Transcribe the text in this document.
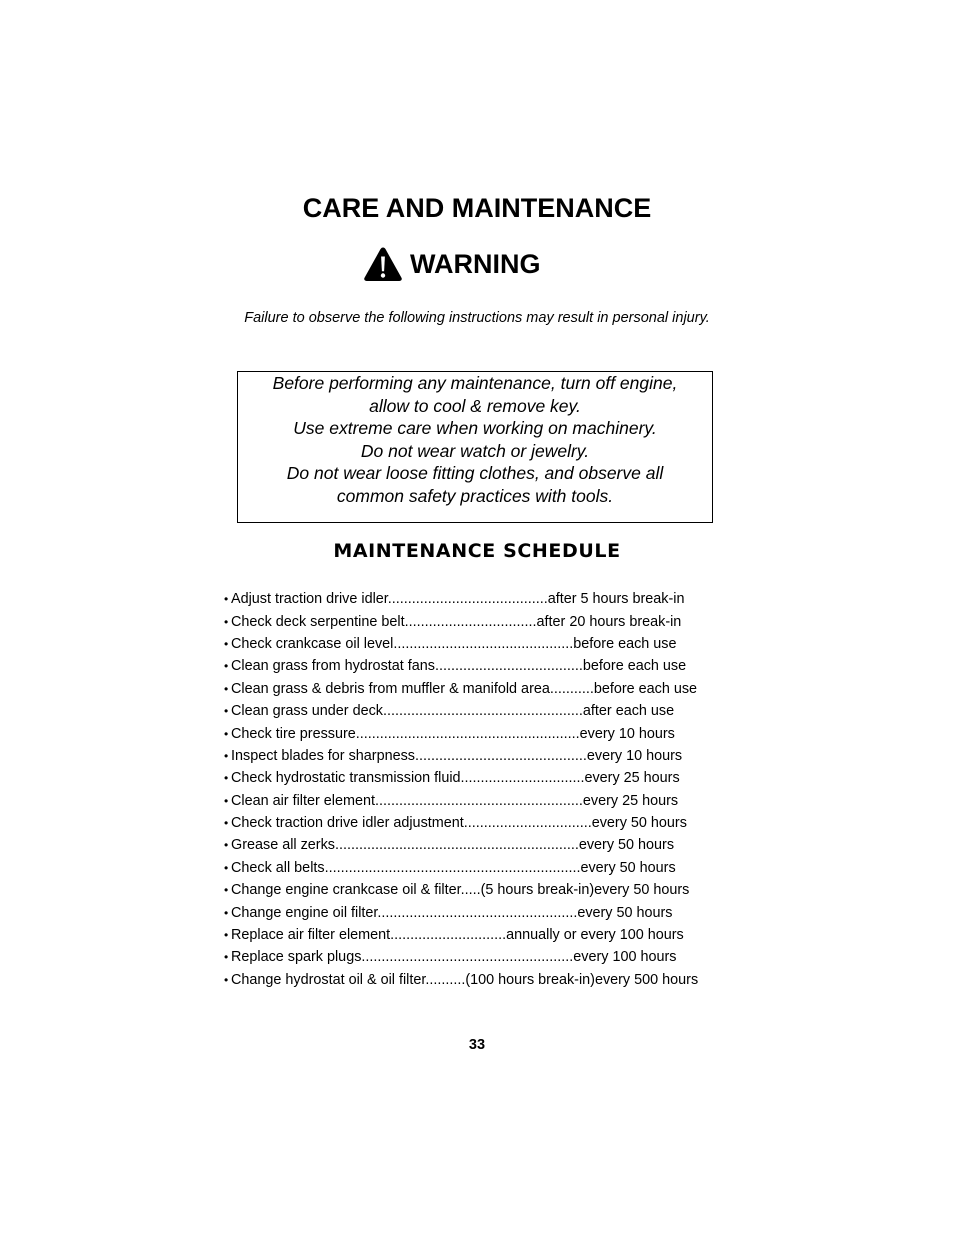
CARE AND MAINTENANCE
WARNING
Failure to observe the following instructions may result in personal injury.
Before performing any maintenance, turn off engine,
allow to cool & remove key.
Use extreme care when working on machinery.
Do not wear watch or jewelry.
Do not wear loose fitting clothes, and observe all
common safety practices with tools.
MAINTENANCE SCHEDULE
• Adjust traction drive idler........................................after 5 hours break-in
• Check deck serpentine belt.................................after 20 hours break-in
• Check crankcase oil level.............................................before each use
• Clean grass from hydrostat fans.....................................before each use
• Clean grass & debris from muffler & manifold area...........before each use
• Clean grass under deck..................................................after each use
• Check tire pressure........................................................every 10 hours
• Inspect blades for sharpness...........................................every 10 hours
• Check hydrostatic transmission fluid...............................every 25 hours
• Clean air filter element....................................................every 25 hours
• Check traction drive idler adjustment................................every 50 hours
• Grease all zerks.............................................................every 50 hours
• Check all belts................................................................every 50 hours
• Change engine crankcase oil & filter.....(5 hours break-in)every 50 hours
• Change engine oil filter..................................................every 50 hours
• Replace air filter element.............................annually or every 100 hours
• Replace spark plugs.....................................................every 100 hours
• Change hydrostat oil & oil filter..........(100 hours break-in)every 500 hours
33
